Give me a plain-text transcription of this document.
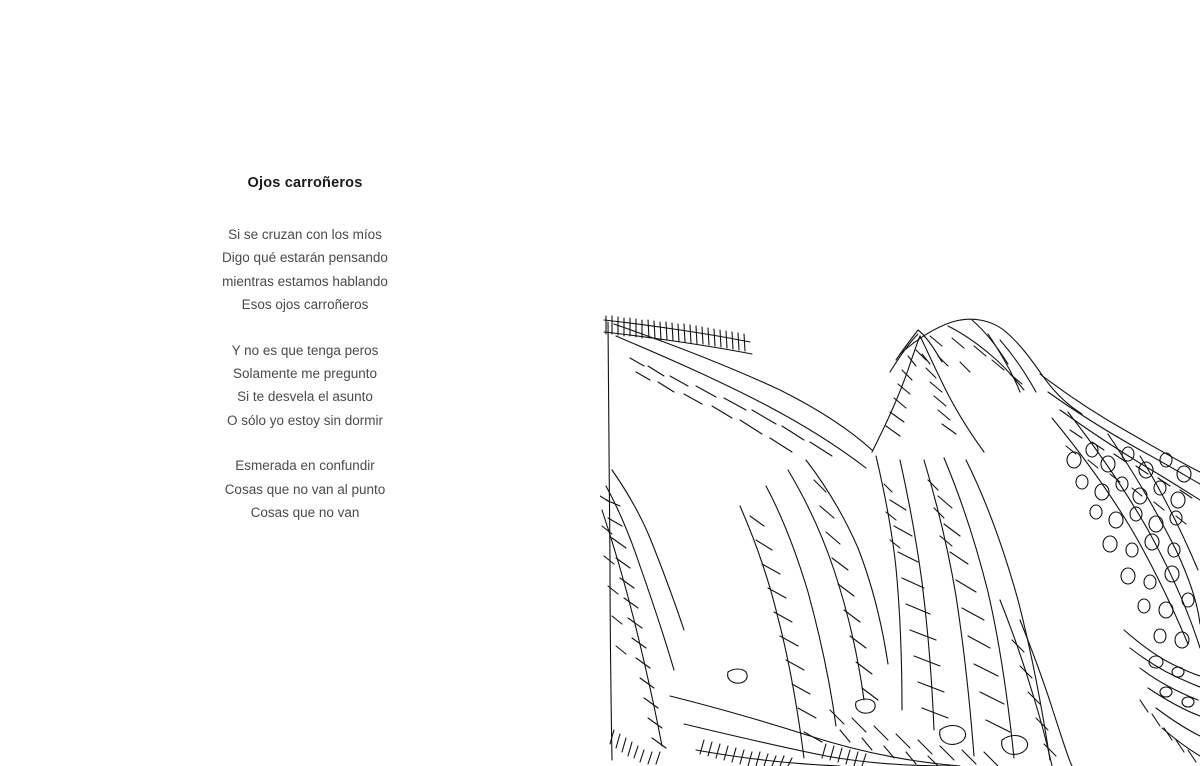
Ojos carroñeros
Si se cruzan con los míos
Digo qué estarán pensando
mientras estamos hablando
Esos ojos carroñeros
Y no es que tenga peros
Solamente me pregunto
Si te desvela el asunto
O sólo yo estoy sin dormir
Esmerada en confundir
Cosas que no van al punto
Cosas que no van
